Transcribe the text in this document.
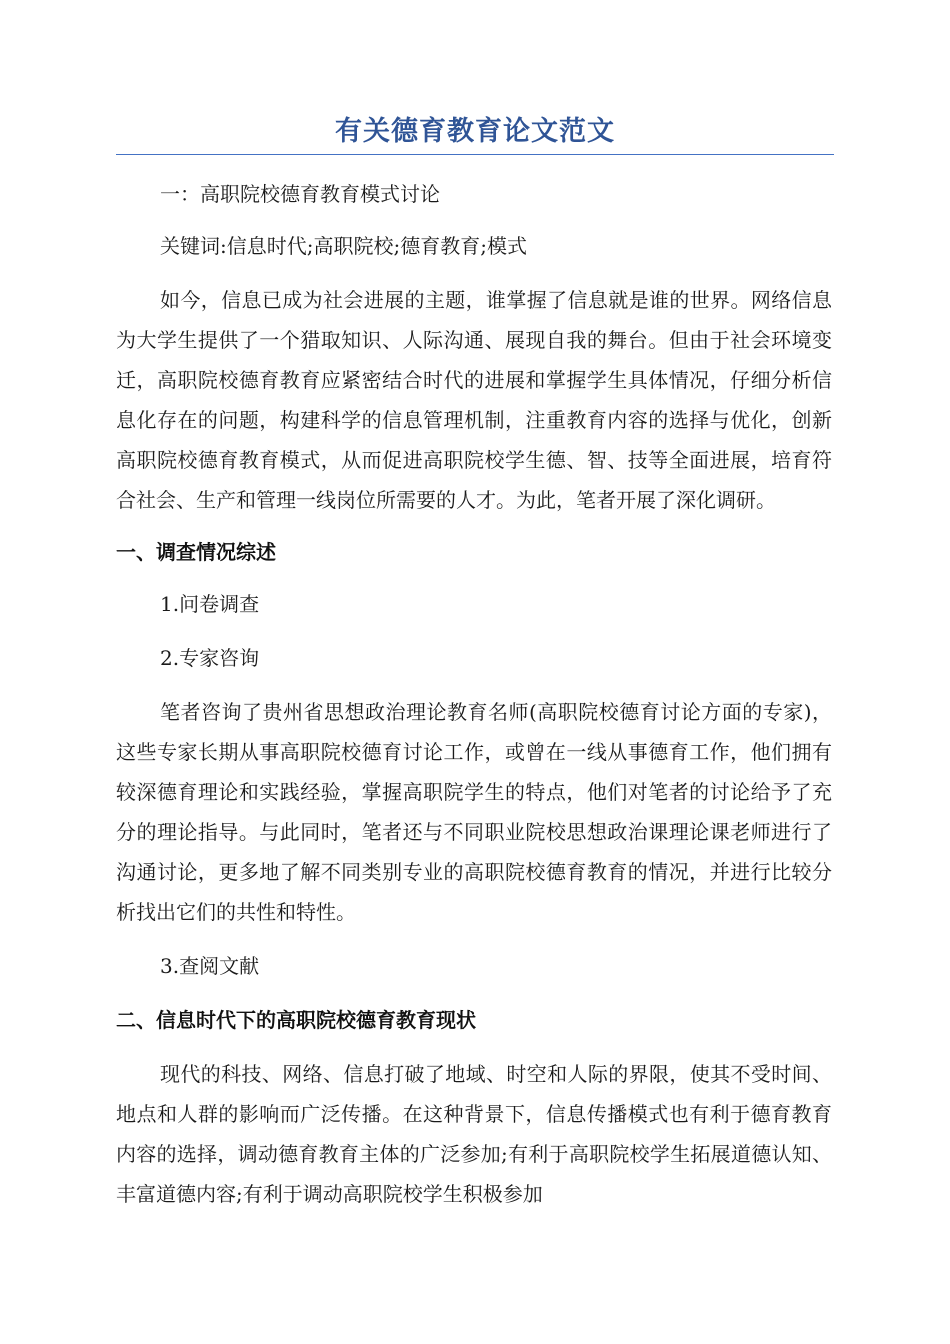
有关德育教育论文范文

一：高职院校德育教育模式讨论

关键词:信息时代;高职院校;德育教育;模式

如今，信息已成为社会进展的主题，谁掌握了信息就是谁的世界。网络信息为大学生提供了一个猎取知识、人际沟通、展现自我的舞台。但由于社会环境变迁，高职院校德育教育应紧密结合时代的进展和掌握学生具体情况，仔细分析信息化存在的问题，构建科学的信息管理机制，注重教育内容的选择与优化，创新高职院校德育教育模式，从而促进高职院校学生德、智、技等全面进展，培育符合社会、生产和管理一线岗位所需要的人才。为此，笔者开展了深化调研。

一、调查情况综述

1.问卷调查

2.专家咨询

笔者咨询了贵州省思想政治理论教育名师(高职院校德育讨论方面的专家)，这些专家长期从事高职院校德育讨论工作，或曾在一线从事德育工作，他们拥有较深德育理论和实践经验，掌握高职院学生的特点，他们对笔者的讨论给予了充分的理论指导。与此同时，笔者还与不同职业院校思想政治课理论课老师进行了沟通讨论，更多地了解不同类别专业的高职院校德育教育的情况，并进行比较分析找出它们的共性和特性。

3.查阅文献

二、信息时代下的高职院校德育教育现状

现代的科技、网络、信息打破了地域、时空和人际的界限，使其不受时间、地点和人群的影响而广泛传播。在这种背景下，信息传播模式也有利于德育教育内容的选择，调动德育教育主体的广泛参加;有利于高职院校学生拓展道德认知、丰富道德内容;有利于调动高职院校学生积极参加
